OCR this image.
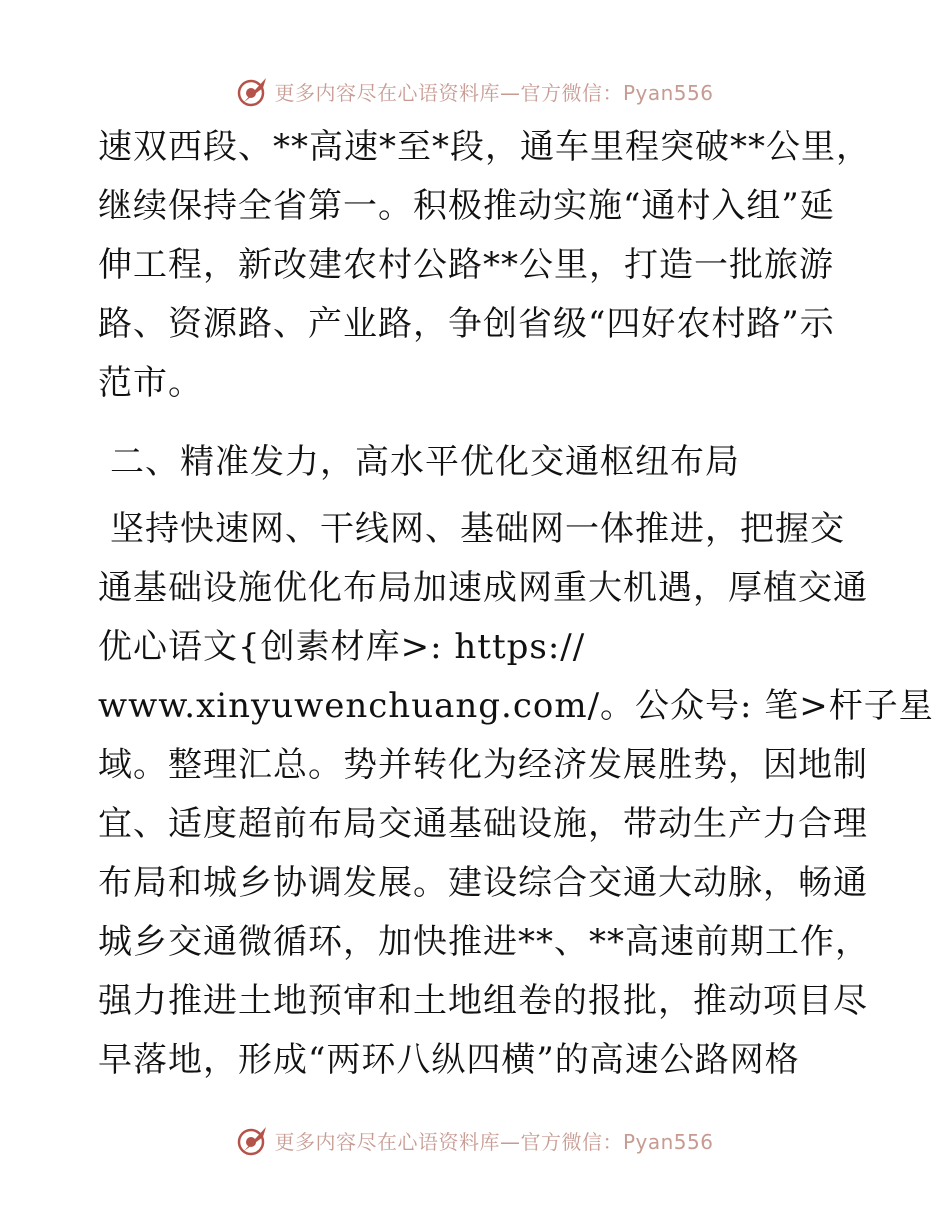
更多内容尽在心语资料库—官方微信：Pyan556
速双西段、**高速*至*段，通车里程突破**公里，
继续保持全省第一。积极推动实施“通村入组”延
伸工程，新改建农村公路**公里，打造一批旅游
路、资源路、产业路，争创省级“四好农村路”示
范市。
二、精准发力，高水平优化交通枢纽布局
坚持快速网、干线网、基础网一体推进，把握交
通基础设施优化布局加速成网重大机遇，厚植交通
优心语文{创素材库>: https://
www.xinyuwenchuang.com/。公众号: 笔>杆子星
域。整理汇总。势并转化为经济发展胜势，因地制
宜、适度超前布局交通基础设施，带动生产力合理
布局和城乡协调发展。建设综合交通大动脉，畅通
城乡交通微循环，加快推进**、**高速前期工作，
强力推进土地预审和土地组卷的报批，推动项目尽
早落地，形成“两环八纵四横”的高速公路网格
更多内容尽在心语资料库—官方微信：Pyan556
